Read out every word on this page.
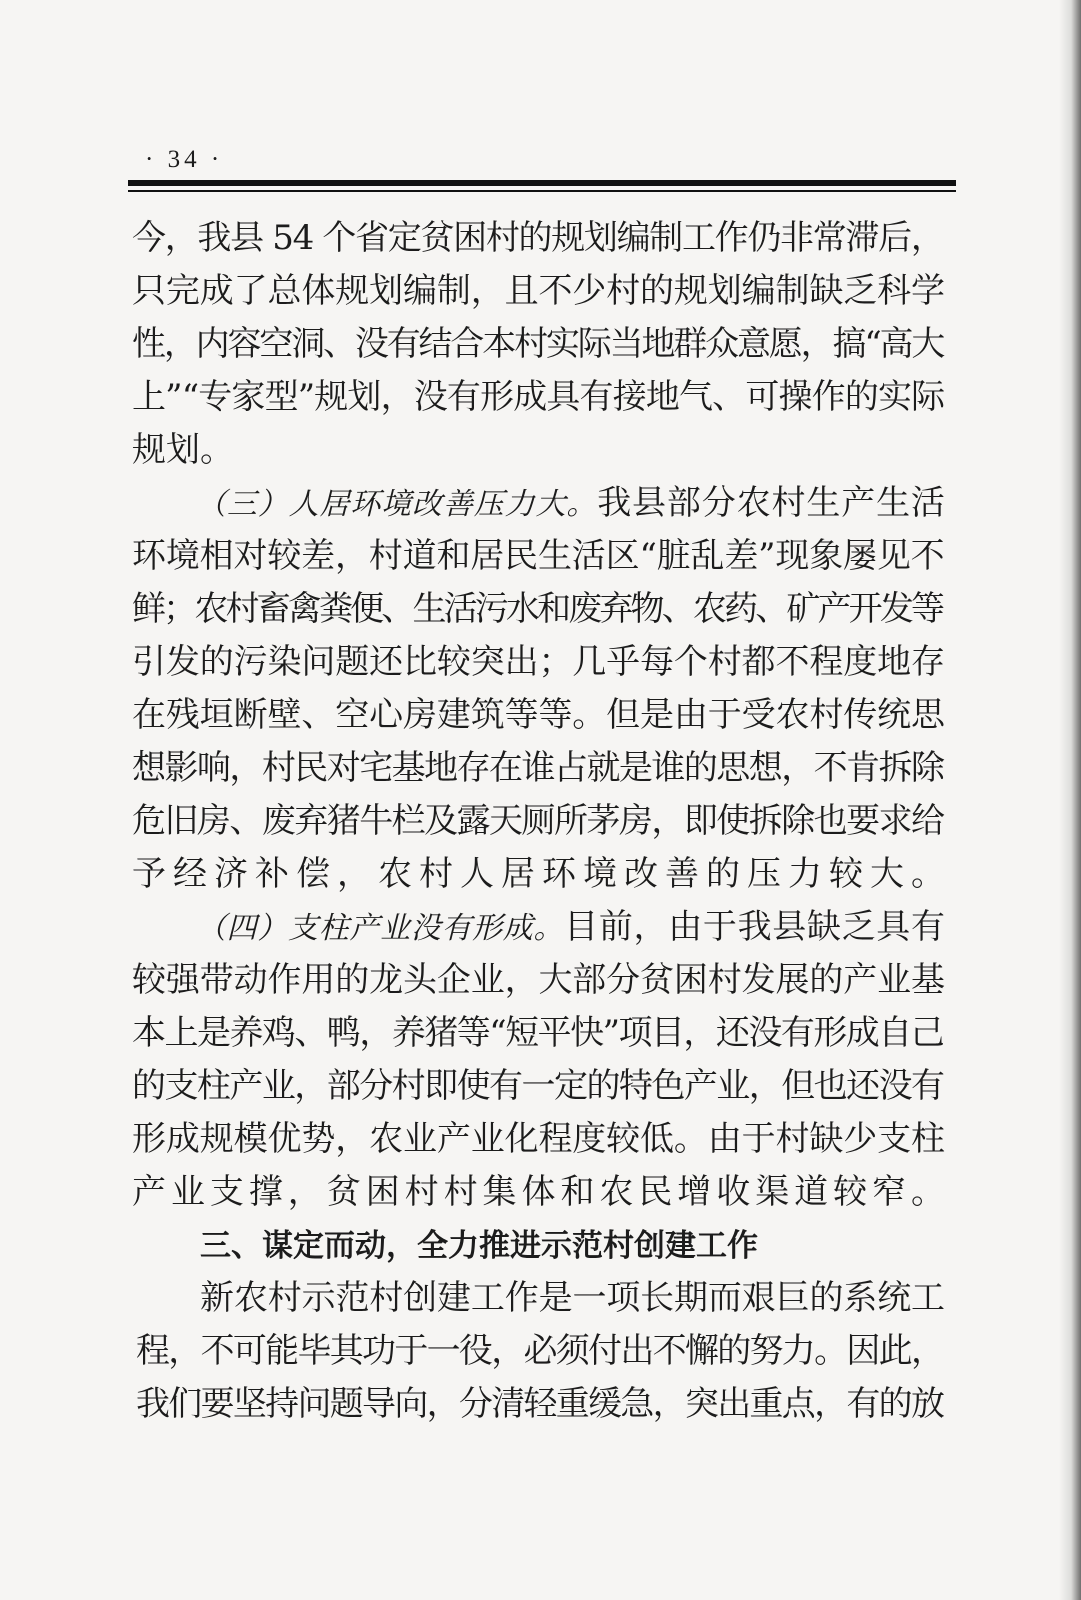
· 34 ·
今，我县 54 个省定贫困村的规划编制工作仍非常滞后，
只完成了总体规划编制，且不少村的规划编制缺乏科学
性，内容空洞、没有结合本村实际当地群众意愿，搞“高大
上”“专家型”规划，没有形成具有接地气、可操作的实际
规划。
（三）人居环境改善压力大。我县部分农村生产生活
环境相对较差，村道和居民生活区“脏乱差”现象屡见不
鲜；农村畜禽粪便、生活污水和废弃物、农药、矿产开发等
引发的污染问题还比较突出；几乎每个村都不程度地存
在残垣断壁、空心房建筑等等。但是由于受农村传统思
想影响，村民对宅基地存在谁占就是谁的思想，不肯拆除
危旧房、废弃猪牛栏及露天厕所茅房，即使拆除也要求给
予经济补偿，农村人居环境改善的压力较大。
（四）支柱产业没有形成。目前，由于我县缺乏具有
较强带动作用的龙头企业，大部分贫困村发展的产业基
本上是养鸡、鸭，养猪等“短平快”项目，还没有形成自己
的支柱产业，部分村即使有一定的特色产业，但也还没有
形成规模优势，农业产业化程度较低。由于村缺少支柱
产业支撑，贫困村村集体和农民增收渠道较窄。
三、谋定而动，全力推进示范村创建工作
新农村示范村创建工作是一项长期而艰巨的系统工
程，不可能毕其功于一役，必须付出不懈的努力。因此，
我们要坚持问题导向，分清轻重缓急，突出重点，有的放
